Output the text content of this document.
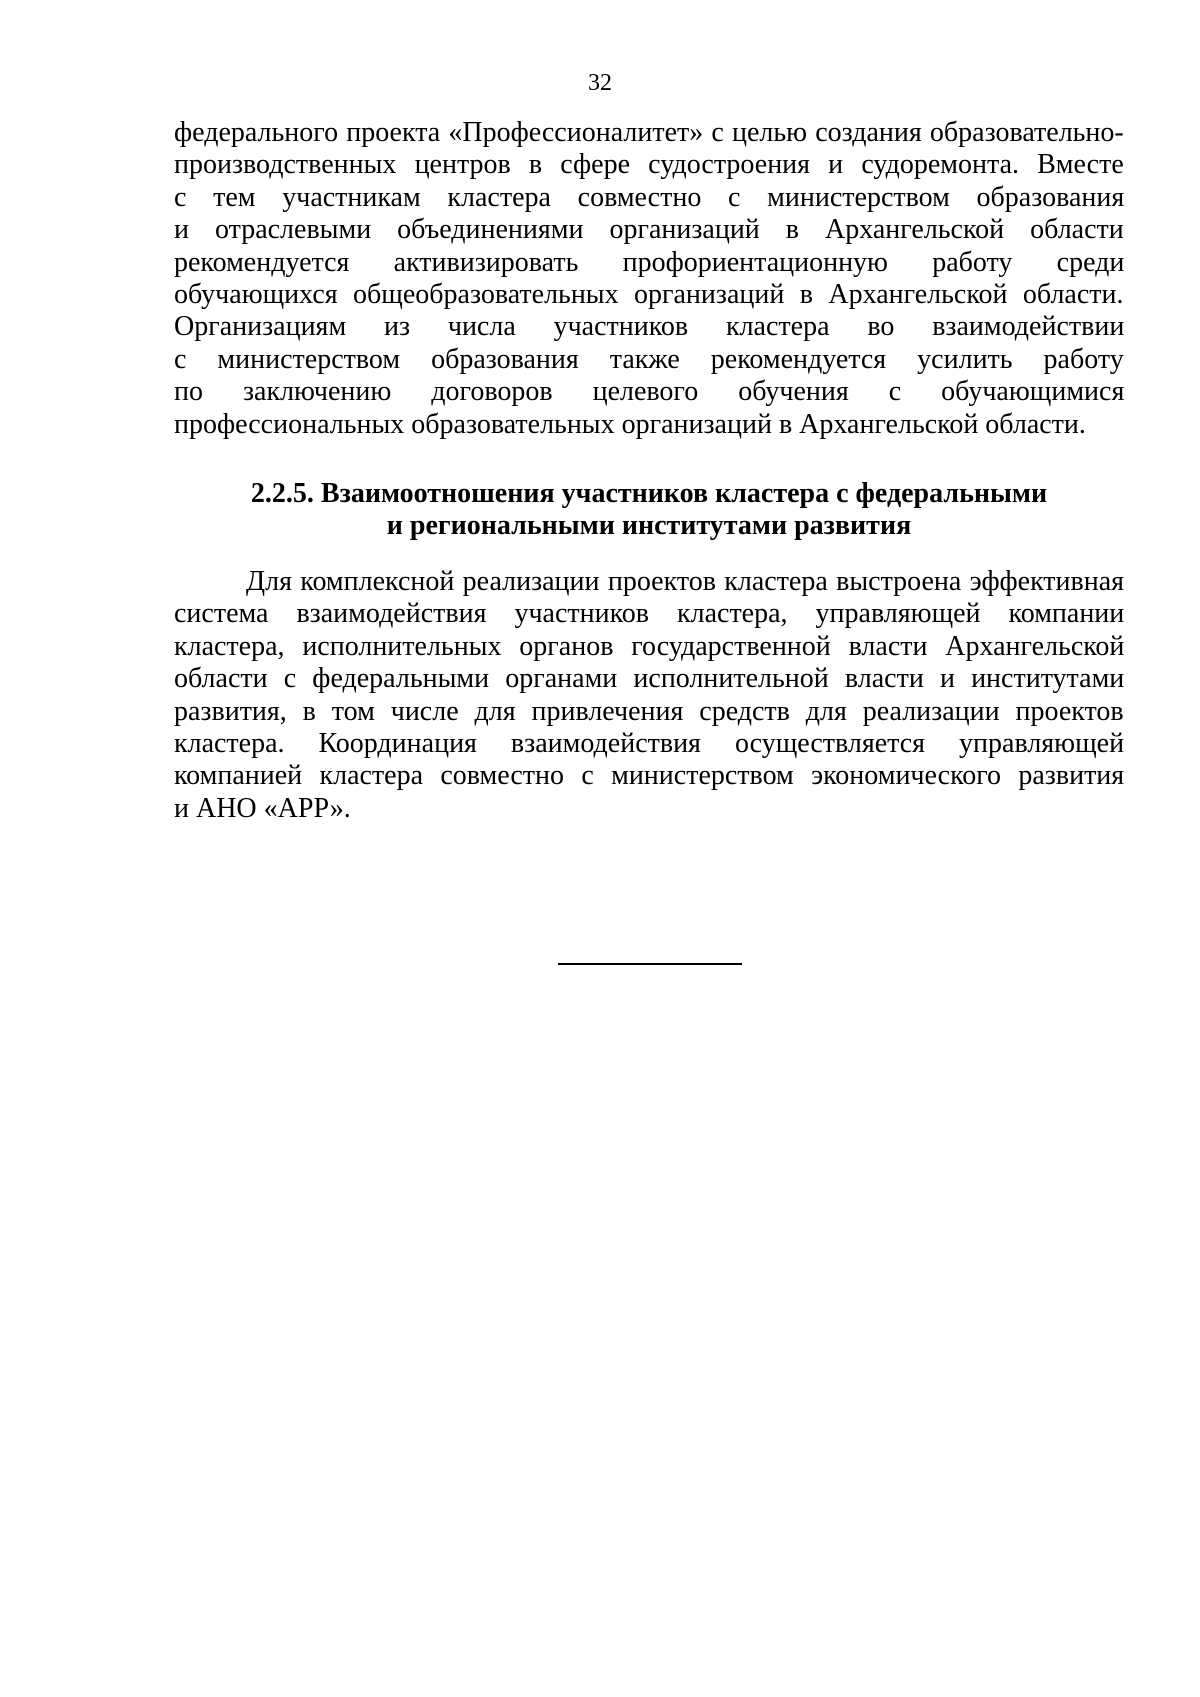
32
федерального проекта «Профессионалитет» с целью создания образовательно-
производственных центров в сфере судостроения и судоремонта. Вместе
с тем участникам кластера совместно с министерством образования
и отраслевыми объединениями организаций в Архангельской области
рекомендуется активизировать профориентационную работу среди
обучающихся общеобразовательных организаций в Архангельской области.
Организациям из числа участников кластера во взаимодействии
с министерством образования также рекомендуется усилить работу
по заключению договоров целевого обучения с обучающимися
профессиональных образовательных организаций в Архангельской области.
2.2.5. Взаимоотношения участников кластера с федеральными
и региональными институтами развития
Для комплексной реализации проектов кластера выстроена эффективная
система взаимодействия участников кластера, управляющей компании
кластера, исполнительных органов государственной власти Архангельской
области с федеральными органами исполнительной власти и институтами
развития, в том числе для привлечения средств для реализации проектов
кластера. Координация взаимодействия осуществляется управляющей
компанией кластера совместно с министерством экономического развития
и АНО «АРР».
